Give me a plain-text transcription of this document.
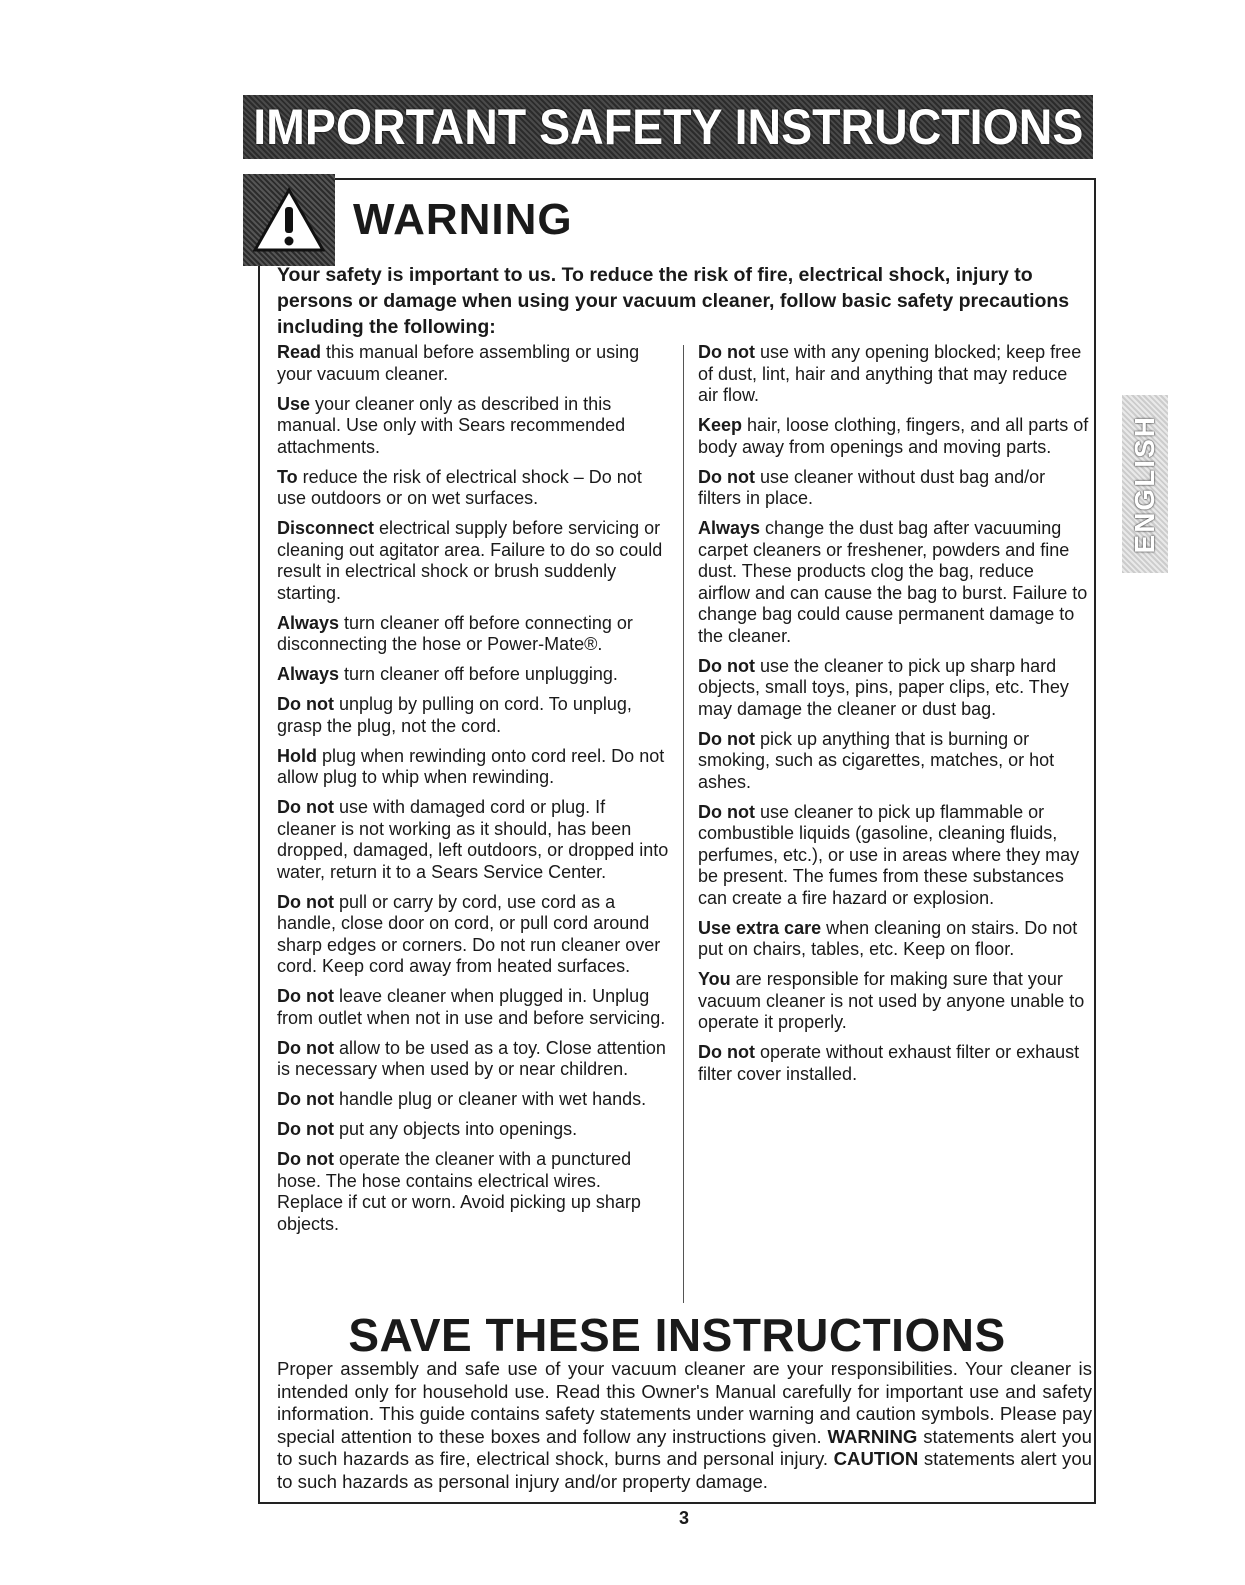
IMPORTANT SAFETY INSTRUCTIONS
WARNING
Your safety is important to us. To reduce the risk of fire, electrical shock, injury to persons or damage when using your vacuum cleaner, follow basic safety precautions including the following:
Read this manual before assembling or using your vacuum cleaner.
Use your cleaner only as described in this manual. Use only with Sears recommended attachments.
To reduce the risk of electrical shock – Do not use outdoors or on wet surfaces.
Disconnect electrical supply before servicing or cleaning out agitator area. Failure to do so could result in electrical shock or brush suddenly starting.
Always turn cleaner off before connecting or disconnecting the hose or Power-Mate®.
Always turn cleaner off before unplugging.
Do not unplug by pulling on cord. To unplug, grasp the plug, not the cord.
Hold plug when rewinding onto cord reel. Do not allow plug to whip when rewinding.
Do not use with damaged cord or plug. If cleaner is not working as it should, has been dropped, damaged, left outdoors, or dropped into water, return it to a Sears Service Center.
Do not pull or carry by cord, use cord as a handle, close door on cord, or pull cord around sharp edges or corners. Do not run cleaner over cord. Keep cord away from heated surfaces.
Do not leave cleaner when plugged in. Unplug from outlet when not in use and before servicing.
Do not allow to be used as a toy. Close attention is necessary when used by or near children.
Do not handle plug or cleaner with wet hands.
Do not put any objects into openings.
Do not operate the cleaner with a punctured hose. The hose contains electrical wires. Replace if cut or worn. Avoid picking up sharp objects.
Do not use with any opening blocked; keep free of dust, lint, hair and anything that may reduce air flow.
Keep hair, loose clothing, fingers, and all parts of body away from openings and moving parts.
Do not use cleaner without dust bag and/or filters in place.
Always change the dust bag after vacuuming carpet cleaners or freshener, powders and fine dust. These products clog the bag, reduce airflow and can cause the bag to burst. Failure to change bag could cause permanent damage to the cleaner.
Do not use the cleaner to pick up sharp hard objects, small toys, pins, paper clips, etc. They may damage the cleaner or dust bag.
Do not pick up anything that is burning or smoking, such as cigarettes, matches, or hot ashes.
Do not use cleaner to pick up flammable or combustible liquids (gasoline, cleaning fluids, perfumes, etc.), or use in areas where they may be present. The fumes from these substances can create a fire hazard or explosion.
Use extra care when cleaning on stairs. Do not put on chairs, tables, etc. Keep on floor.
You are responsible for making sure that your vacuum cleaner is not used by anyone unable to operate it properly.
Do not operate without exhaust filter or exhaust filter cover installed.
SAVE THESE INSTRUCTIONS
Proper assembly and safe use of your vacuum cleaner are your responsibilities. Your cleaner is intended only for household use. Read this Owner's Manual carefully for important use and safety information. This guide contains safety statements under warning and caution symbols. Please pay special attention to these boxes and follow any instructions given. WARNING statements alert you to such hazards as fire, electrical shock, burns and personal injury. CAUTION statements alert you to such hazards as personal injury and/or property damage.
ENGLISH
3
